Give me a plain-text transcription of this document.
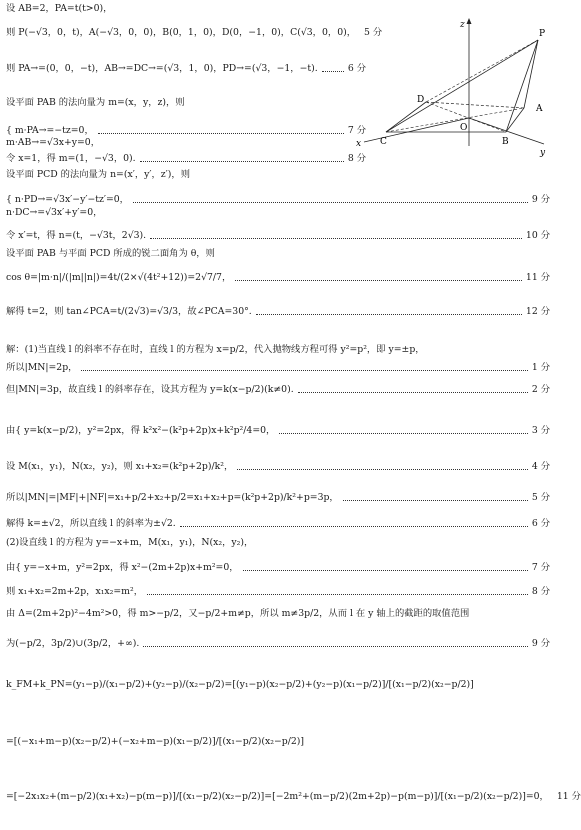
设 AB=2，PA=t(t>0)，
则 P(−√3，0，t)，A(−√3，0，0)，B(0，1，0)，D(0，−1，0)，C(√3，0，0)， 5 分
则 PA→=(0，0，−t)，AB→=DC→=(√3，1，0)，PD→=(√3，−1，−t).	6 分
设平面 PAB 的法向量为 m=(x，y，z)，则
{ m·PA→=−tz=0，	7 分
m·AB→=√3x+y=0，
令 x=1，得 m=(1，−√3，0).	8 分
设平面 PCD 的法向量为 n=(x′，y′，z′)，则
{ n·PD→=√3x′−y′−tz′=0，	9 分
n·DC→=√3x′+y′=0，
令 x′=t，得 n=(t，−√3t，2√3).	10 分
设平面 PAB 与平面 PCD 所成的锐二面角为 θ，则
cos θ=|m·n|/(|m||n|)=4t/(2×√(4t²+12))=2√7/7，	11 分
解得 t=2，则 tan∠PCA=t/(2√3)=√3/3，故∠PCA=30°.	12 分
解：(1)当直线 l 的斜率不存在时，直线 l 的方程为 x=p/2，代入抛物线方程可得 y²=p²，即 y=±p，
所以|MN|=2p，	1 分
但|MN|=3p，故直线 l 的斜率存在，设其方程为 y=k(x−p/2)(k≠0).	2 分
由{ y=k(x−p/2)，y²=2px，得 k²x²−(k²p+2p)x+k²p²/4=0，	3 分
设 M(x₁，y₁)，N(x₂，y₂)，则 x₁+x₂=(k²p+2p)/k²，	4 分
所以|MN|=|MF|+|NF|=x₁+p/2+x₂+p/2=x₁+x₂+p=(k²p+2p)/k²+p=3p，	5 分
解得 k=±√2，所以直线 l 的斜率为±√2.	6 分
(2)设直线 l 的方程为 y=−x+m，M(x₁，y₁)，N(x₂，y₂)，
由{ y=−x+m，y²=2px，得 x²−(2m+2p)x+m²=0，	7 分
则 x₁+x₂=2m+2p，x₁x₂=m²，	8 分
由 Δ=(2m+2p)²−4m²>0，得 m>−p/2，又−p/2+m≠p，所以 m≠3p/2，从而 l 在 y 轴上的截距的取值范围
为(−p/2，3p/2)∪(3p/2，+∞).	9 分
k_FM+k_PN=(y₁−p)/(x₁−p/2)+(y₂−p)/(x₂−p/2)=[(y₁−p)(x₂−p/2)+(y₂−p)(x₁−p/2)]/[(x₁−p/2)(x₂−p/2)]
=[(−x₁+m−p)(x₂−p/2)+(−x₂+m−p)(x₁−p/2)]/[(x₁−p/2)(x₂−p/2)]
=[−2x₁x₂+(m−p/2)(x₁+x₂)−p(m−p)]/[(x₁−p/2)(x₂−p/2)]=[−2m²+(m−p/2)(2m+2p)−p(m−p)]/[(x₁−p/2)(x₂−p/2)]=0， 11 分
P
D
A
O
C	B
x
y
z
